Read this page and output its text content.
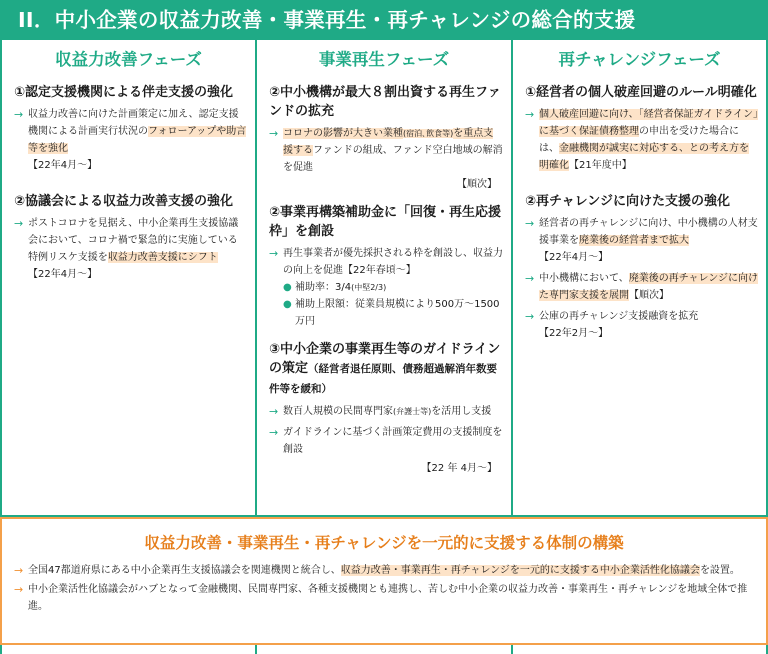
II．中小企業の収益力改善・事業再生・再チャレンジの総合的支援
収益力改善フェーズ
①認定支援機関による伴走支援の強化
→ 収益力改善に向けた計画策定に加え、認定支援機関による計画実行状況のフォローアップや助言等を強化
【22年4月～】
②協議会による収益力改善支援の強化
→ ポストコロナを見据え、中小企業再生支援協議会において、コロナ禍で緊急的に実施している特例リスケ支援を収益力改善支援にシフト
【22年4月～】
事業再生フェーズ
②中小機構が最大８割出資する再生ファンドの拡充
→ コロナの影響が大きい業種(宿泊､飲食等)を重点支援するファンドの組成、ファンド空白地域の解消を促進
【順次】
②事業再構築補助金に「回復・再生応援枠」を創設
→ 再生事業者が優先採択される枠を創設し、収益力の向上を促進【22年春頃～】
● 補助率：3/4(中堅2/3)
● 補助上限額：従業員規模により500万～1500万円
③中小企業の事業再生等のガイドラインの策定（経営者退任原則、債務超過解消年数要件等を緩和）
→ 数百人規模の民間専門家(弁護士等)を活用し支援
→ ガイドラインに基づく計画策定費用の支援制度を創設
【22 年 4月～】
再チャレンジフェーズ
①経営者の個人破産回避のルール明確化
→ 個人破産回避に向け、「経営者保証ガイドライン」に基づく保証債務整理の申出を受けた場合には、金融機関が誠実に対応する、との考え方を明確化【21年度中】
②再チャレンジに向けた支援の強化
→ 経営者の再チャレンジに向け、中小機構の人材支援事業を廃業後の経営者まで拡大
【22年4月～】
→ 中小機構において、廃業後の再チャレンジに向けた専門家支援を展開【順次】
→ 公庫の再チャレンジ支援融資を拡充
【22年2月～】
収益力改善・事業再生・再チャレンジを一元的に支援する体制の構築
→ 全国47都道府県にある中小企業再生支援協議会を関連機関と統合し、収益力改善・事業再生・再チャレンジを一元的に支援する中小企業活性化協議会を設置。
→ 中小企業活性化協議会がハブとなって金融機関、民間専門家、各種支援機関とも連携し、苦しむ中小企業の収益力改善・事業再生・再チャレンジを地域全体で推進。
